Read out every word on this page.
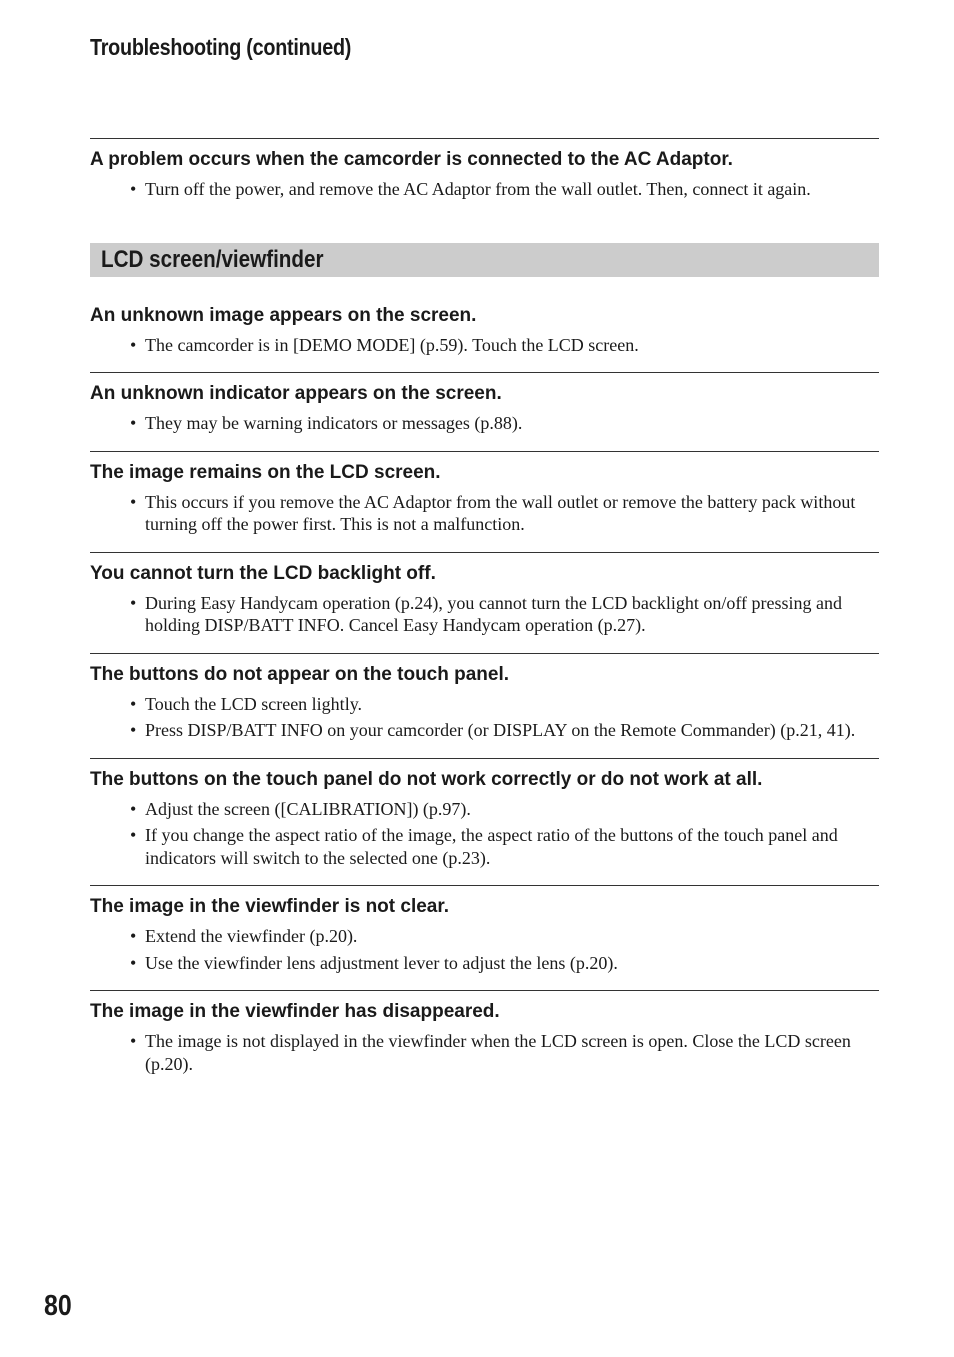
Troubleshooting (continued)
A problem occurs when the camcorder is connected to the AC Adaptor.
• Turn off the power, and remove the AC Adaptor from the wall outlet. Then, connect it again.
LCD screen/viewfinder
An unknown image appears on the screen.
• The camcorder is in [DEMO MODE] (p.59). Touch the LCD screen.
An unknown indicator appears on the screen.
• They may be warning indicators or messages (p.88).
The image remains on the LCD screen.
• This occurs if you remove the AC Adaptor from the wall outlet or remove the battery pack without turning off the power first. This is not a malfunction.
You cannot turn the LCD backlight off.
• During Easy Handycam operation (p.24), you cannot turn the LCD backlight on/off pressing and holding DISP/BATT INFO. Cancel Easy Handycam operation (p.27).
The buttons do not appear on the touch panel.
• Touch the LCD screen lightly.
• Press DISP/BATT INFO on your camcorder (or DISPLAY on the Remote Commander) (p.21, 41).
The buttons on the touch panel do not work correctly or do not work at all.
• Adjust the screen ([CALIBRATION]) (p.97).
• If you change the aspect ratio of the image, the aspect ratio of the buttons of the touch panel and indicators will switch to the selected one (p.23).
The image in the viewfinder is not clear.
• Extend the viewfinder (p.20).
• Use the viewfinder lens adjustment lever to adjust the lens (p.20).
The image in the viewfinder has disappeared.
• The image is not displayed in the viewfinder when the LCD screen is open. Close the LCD screen (p.20).
80
